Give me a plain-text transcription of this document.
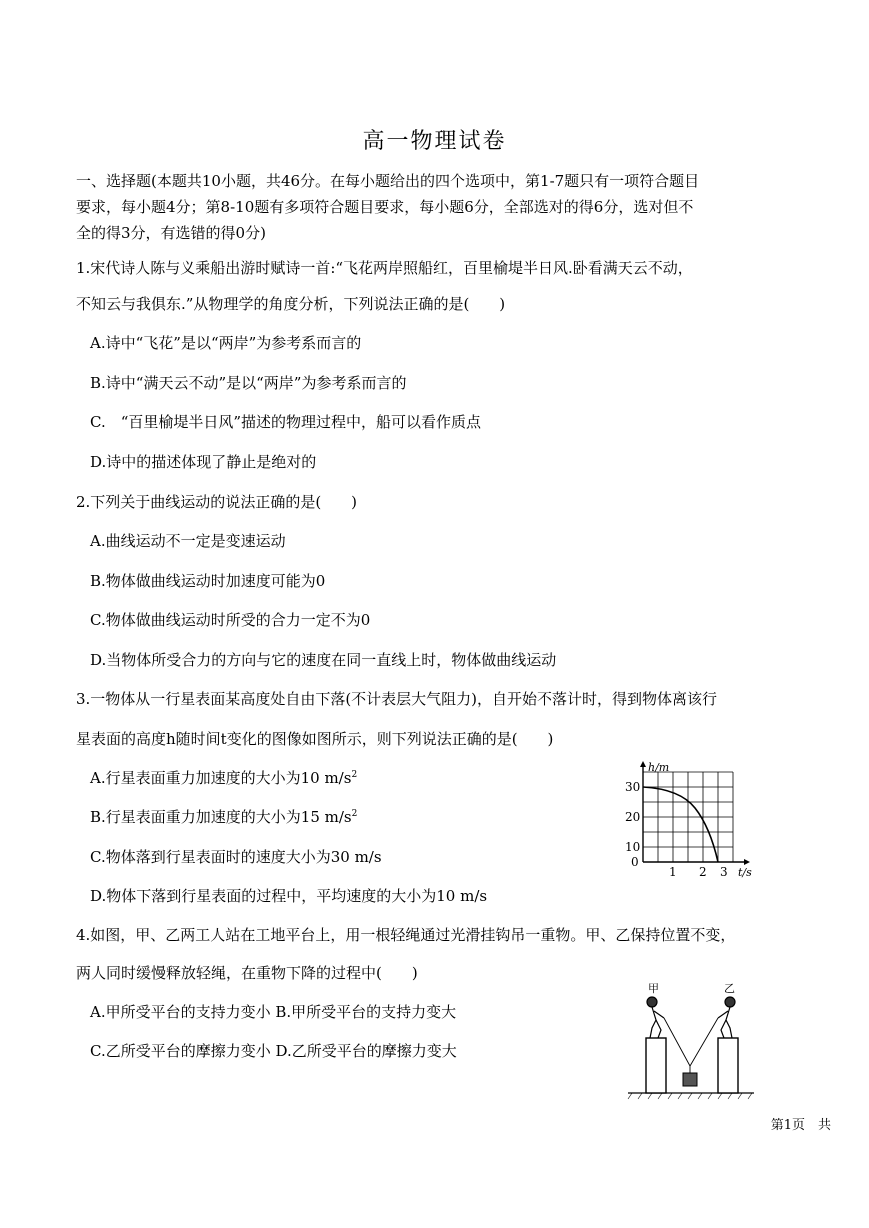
高一物理试卷
一、选择题(本题共10小题，共46分。在每小题给出的四个选项中，第1-7题只有一项符合题目
要求，每小题4分；第8-10题有多项符合题目要求，每小题6分，全部选对的得6分，选对但不
全的得3分，有选错的得0分)
1.宋代诗人陈与义乘船出游时赋诗一首:“飞花两岸照船红，百里榆堤半日风.卧看满天云不动，
不知云与我俱东.”从物理学的角度分析，下列说法正确的是(　　)
A.诗中“飞花”是以“两岸”为参考系而言的
B.诗中“满天云不动”是以“两岸”为参考系而言的
C.　“百里榆堤半日风”描述的物理过程中，船可以看作质点
D.诗中的描述体现了静止是绝对的
2.下列关于曲线运动的说法正确的是(　　)
A.曲线运动不一定是变速运动
B.物体做曲线运动时加速度可能为0
C.物体做曲线运动时所受的合力一定不为0
D.当物体所受合力的方向与它的速度在同一直线上时，物体做曲线运动
3.一物体从一行星表面某高度处自由下落(不计表层大气阻力)，自开始不落计时，得到物体离该行
星表面的高度h随时间t变化的图像如图所示，则下列说法正确的是(　　)
A.行星表面重力加速度的大小为10 $m/s^2$
B.行星表面重力加速度的大小为15 $m/s^2$
C.物体落到行星表面时的速度大小为30 m/s
D.物体下落到行星表面的过程中，平均速度的大小为10 m/s
h/m
t/s
30
20
10
0
1 2 3
4.如图，甲、乙两工人站在工地平台上，用一根轻绳通过光滑挂钩吊一重物。甲、乙保持位置不变，
两人同时缓慢释放轻绳，在重物下降的过程中(　　)
A.甲所受平台的支持力变小 B.甲所受平台的支持力变大
C.乙所受平台的摩擦力变小 D.乙所受平台的摩擦力变大
甲	乙
第1页　共
